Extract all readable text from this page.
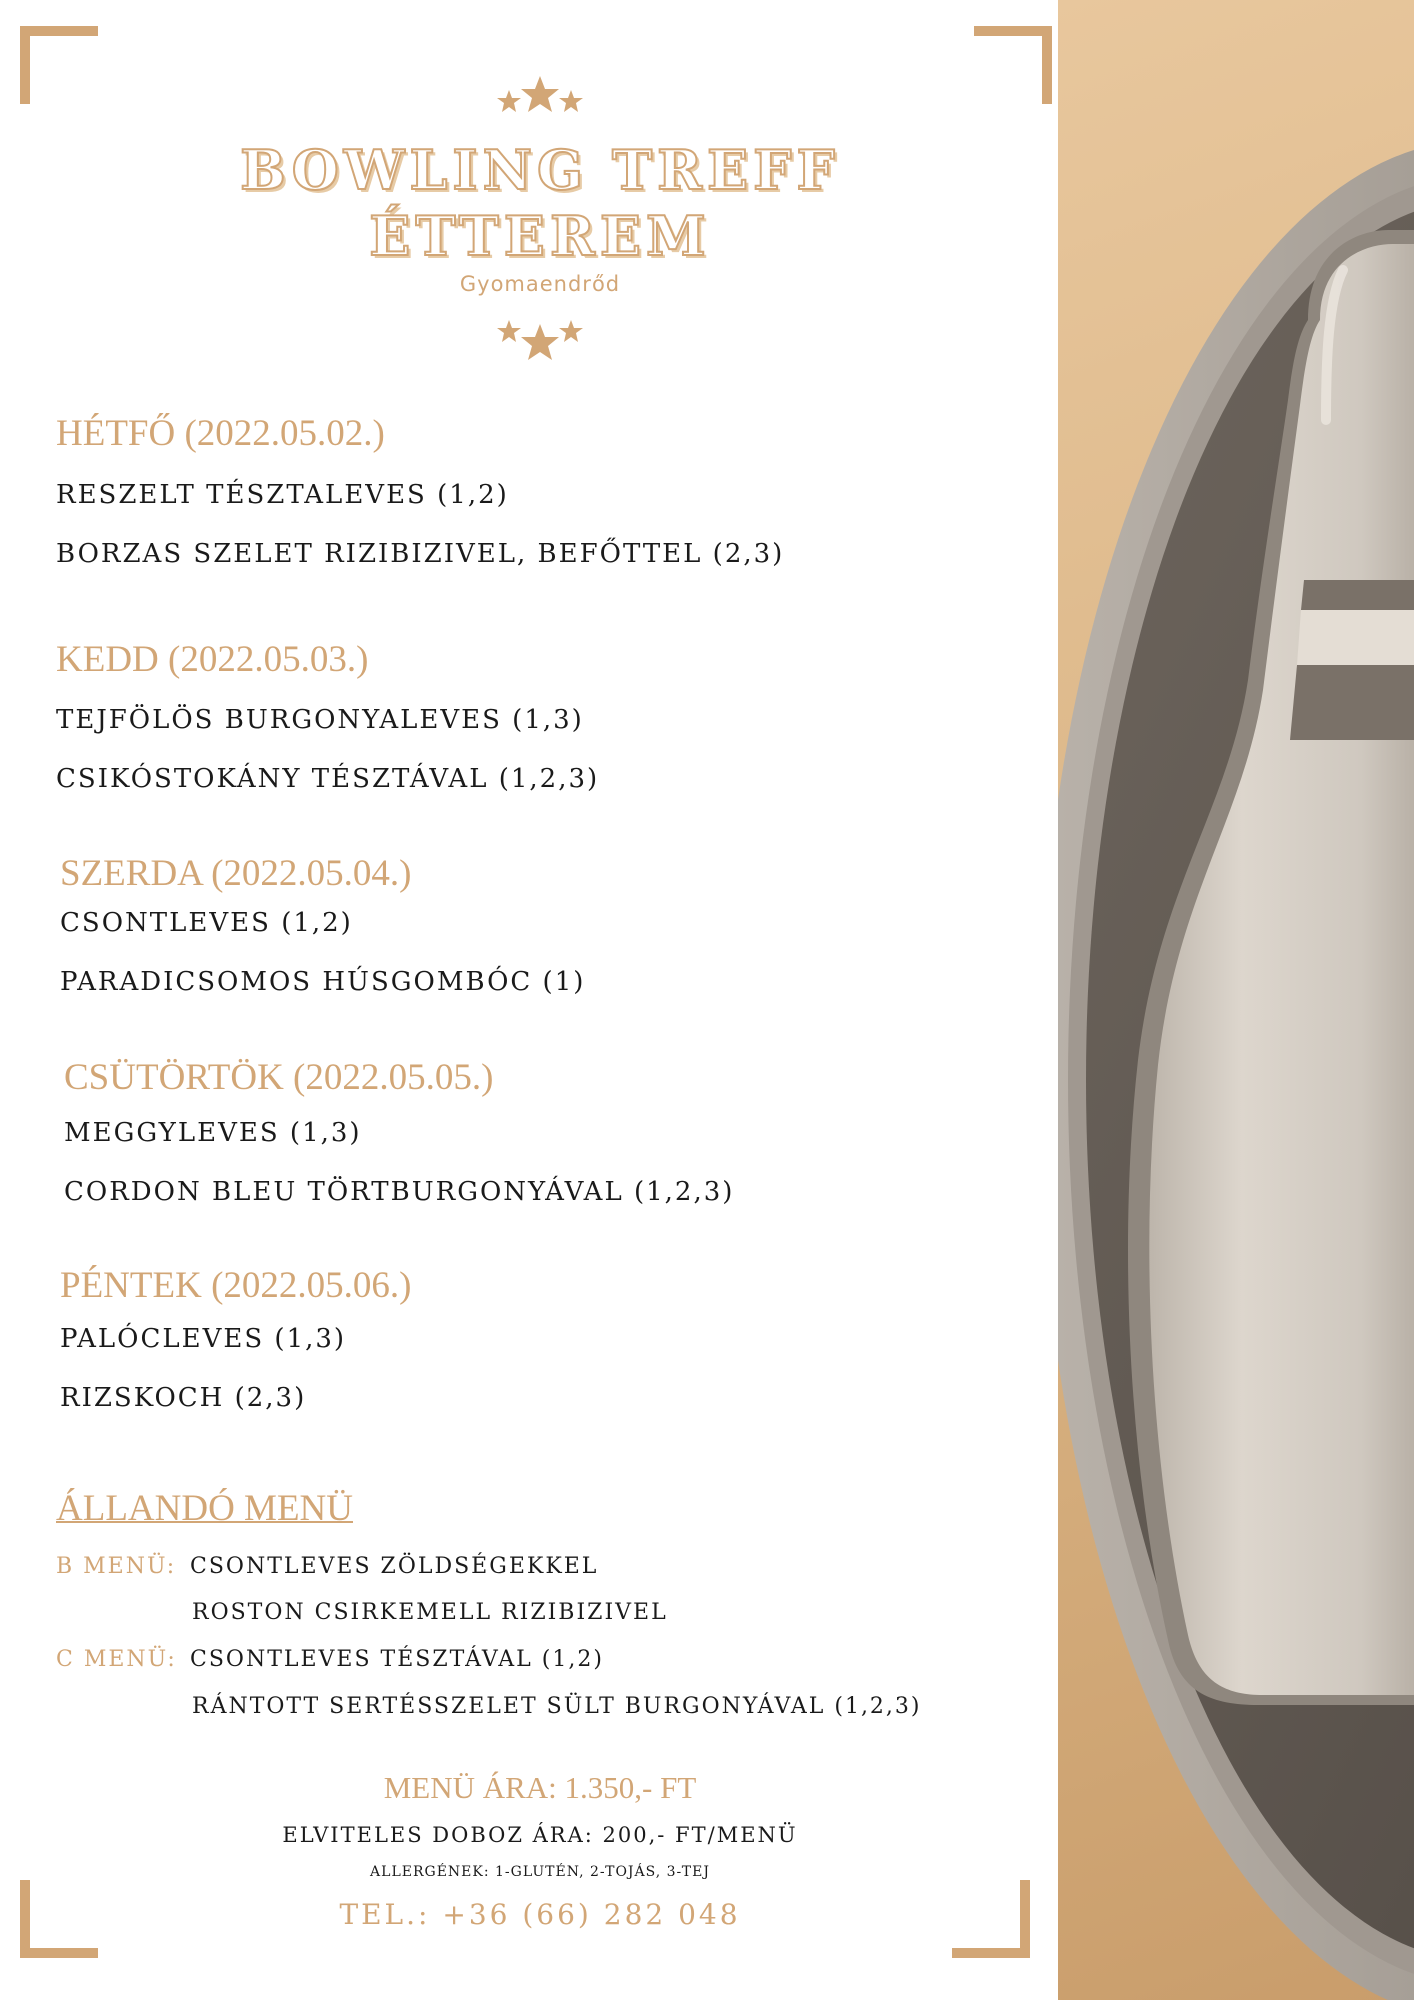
BOWLING TREFF
ÉTTEREM
Gyomaendrőd
HÉTFŐ (2022.05.02.)
RESZELT TÉSZTALEVES (1,2)
BORZAS SZELET RIZIBIZIVEL, BEFŐTTEL (2,3)
KEDD (2022.05.03.)
TEJFÖLÖS BURGONYALEVES (1,3)
CSIKÓSTOKÁNY TÉSZTÁVAL (1,2,3)
SZERDA (2022.05.04.)
CSONTLEVES (1,2)
PARADICSOMOS HÚSGOMBÓC (1)
CSÜTÖRTÖK (2022.05.05.)
MEGGYLEVES (1,3)
CORDON BLEU TÖRTBURGONYÁVAL (1,2,3)
PÉNTEK (2022.05.06.)
PALÓCLEVES (1,3)
RIZSKOCH (2,3)
ÁLLANDÓ MENÜ
B MENÜ: CSONTLEVES ZÖLDSÉGEKKEL
ROSTON CSIRKEMELL RIZIBIZIVEL
C MENÜ: CSONTLEVES TÉSZTÁVAL (1,2)
RÁNTOTT SERTÉSSZELET SÜLT BURGONYÁVAL (1,2,3)
MENÜ ÁRA: 1.350,- FT
ELVITELES DOBOZ ÁRA: 200,- FT/MENÜ
ALLERGÉNEK: 1-GLUTÉN, 2-TOJÁS, 3-TEJ
TEL.: +36 (66) 282 048
